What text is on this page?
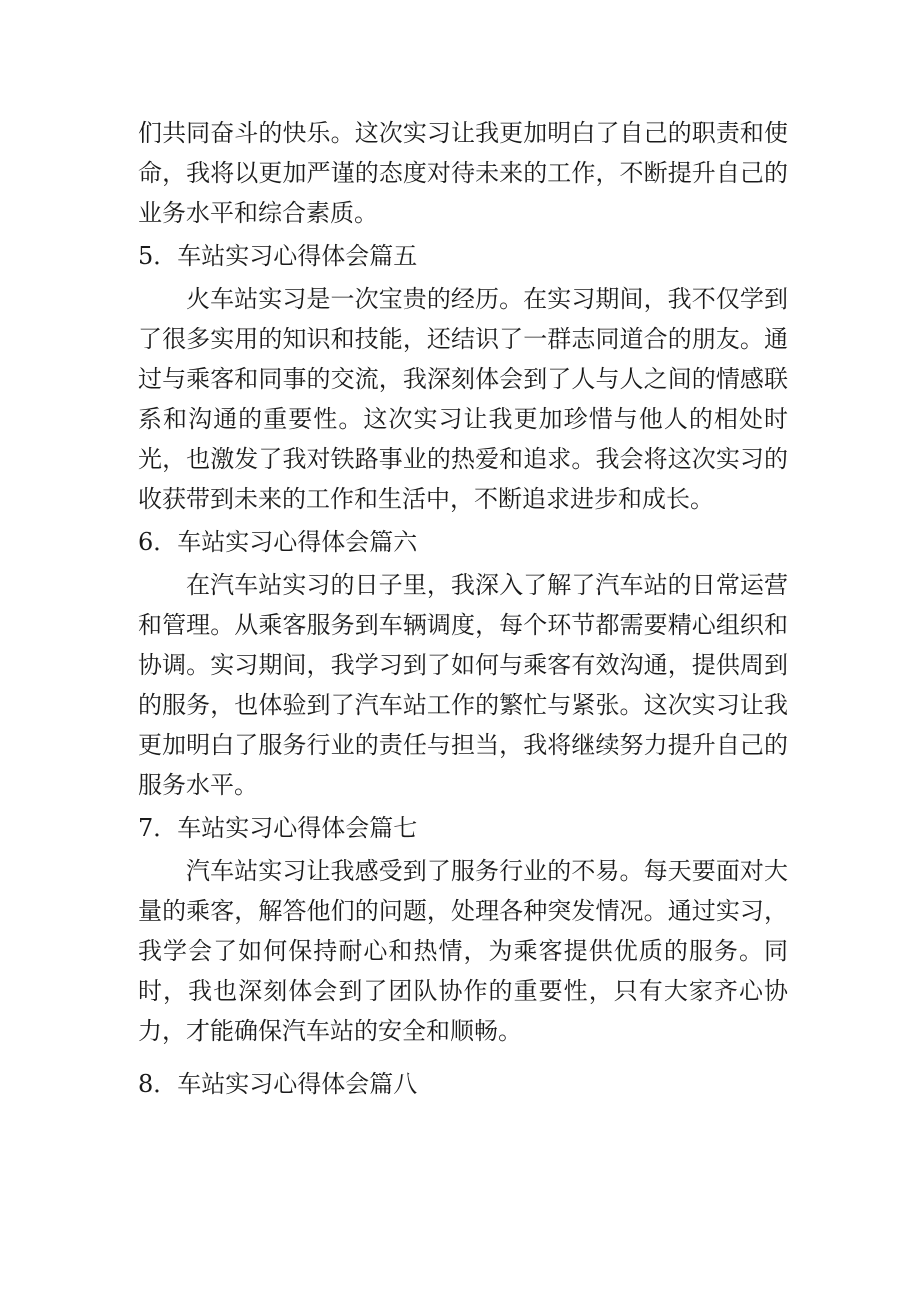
们共同奋斗的快乐。这次实习让我更加明白了自己的职责和使命，我将以更加严谨的态度对待未来的工作，不断提升自己的业务水平和综合素质。

5．车站实习心得体会篇五

火车站实习是一次宝贵的经历。在实习期间，我不仅学到了很多实用的知识和技能，还结识了一群志同道合的朋友。通过与乘客和同事的交流，我深刻体会到了人与人之间的情感联系和沟通的重要性。这次实习让我更加珍惜与他人的相处时光，也激发了我对铁路事业的热爱和追求。我会将这次实习的收获带到未来的工作和生活中，不断追求进步和成长。

6．车站实习心得体会篇六

在汽车站实习的日子里，我深入了解了汽车站的日常运营和管理。从乘客服务到车辆调度，每个环节都需要精心组织和协调。实习期间，我学习到了如何与乘客有效沟通，提供周到的服务，也体验到了汽车站工作的繁忙与紧张。这次实习让我更加明白了服务行业的责任与担当，我将继续努力提升自己的服务水平。

7．车站实习心得体会篇七

汽车站实习让我感受到了服务行业的不易。每天要面对大量的乘客，解答他们的问题，处理各种突发情况。通过实习，我学会了如何保持耐心和热情，为乘客提供优质的服务。同时，我也深刻体会到了团队协作的重要性，只有大家齐心协力，才能确保汽车站的安全和顺畅。

8．车站实习心得体会篇八
